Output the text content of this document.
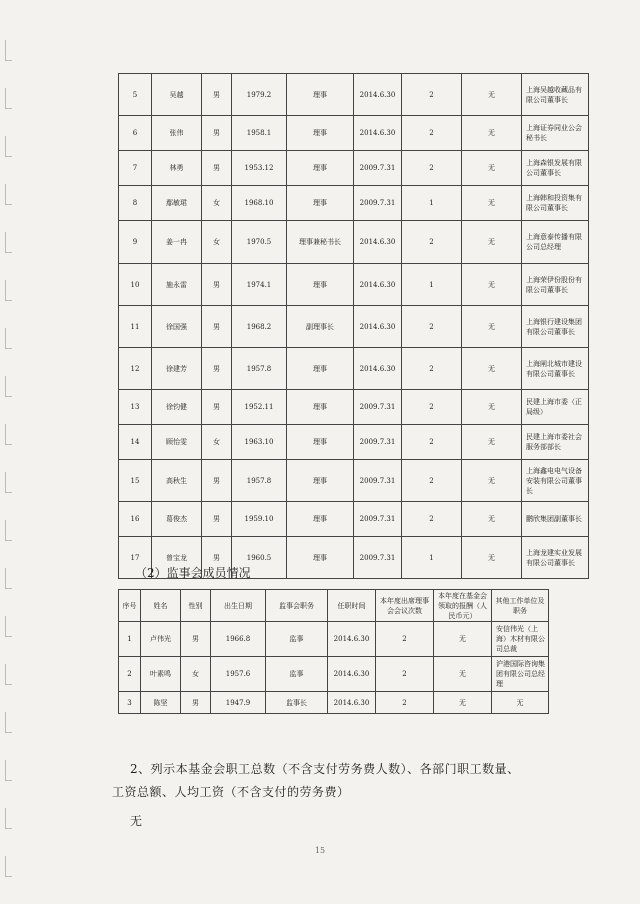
5	吴越	男	1979.2	理事	2014.6.30	2	无	上海吴越收藏品有限公司董事长
6	张伟	男	1958.1	理事	2014.6.30	2	无	上海证券同业公会秘书长
7	林勇	男	1953.12	理事	2009.7.31	2	无	上海森银发展有限公司董事长
8	鄢敏珺	女	1968.10	理事	2009.7.31	1	无	上海韩和投资集有限公司董事长
9	姜一冉	女	1970.5	理事兼秘书长	2014.6.30	2	无	上海意泰传播有限公司总经理
10	施永雷	男	1974.1	理事	2014.6.30	1	无	上海荣伊份股份有限公司董事长
11	徐国强	男	1968.2	副理事长	2014.6.30	2	无	上海银行建设集团有限公司董事长
12	徐建芳	男	1957.8	理事	2014.6.30	2	无	上海闸北城市建设有限公司董事长
13	徐钧健	男	1952.11	理事	2009.7.31	2	无	民建上海市委（正局级）
14	顾怡雯	女	1963.10	理事	2009.7.31	2	无	民建上海市委社会服务部部长
15	高秋生	男	1957.8	理事	2009.7.31	2	无	上海鑫电电气设备安装有限公司董事长
16	葛俊杰	男	1959.10	理事	2009.7.31	2	无	鹏欣集团副董事长
17	曾宝龙	男	1960.5	理事	2009.7.31	1	无	上海龙建实业发展有限公司董事长
（2）监事会成员情况
序号	姓名	性别	出生日期	监事会职务	任职时间	本年度出席理事会会议次数	本年度在基金会领取的报酬（人民币元）	其他工作单位及职务
1	卢伟光	男	1966.8	监事	2014.6.30	2	无	安信伟光（上海）木材有限公司总裁
2	叶素鸣	女	1957.6	监事	2014.6.30	2	无	沪港国际咨询集团有限公司总经理
3	陈坚	男	1947.9	监事长	2014.6.30	2	无	无
2、列示本基金会职工总数（不含支付劳务费人数）、各部门职工数量、
工资总额、人均工资（不含支付的劳务费）
无
15
